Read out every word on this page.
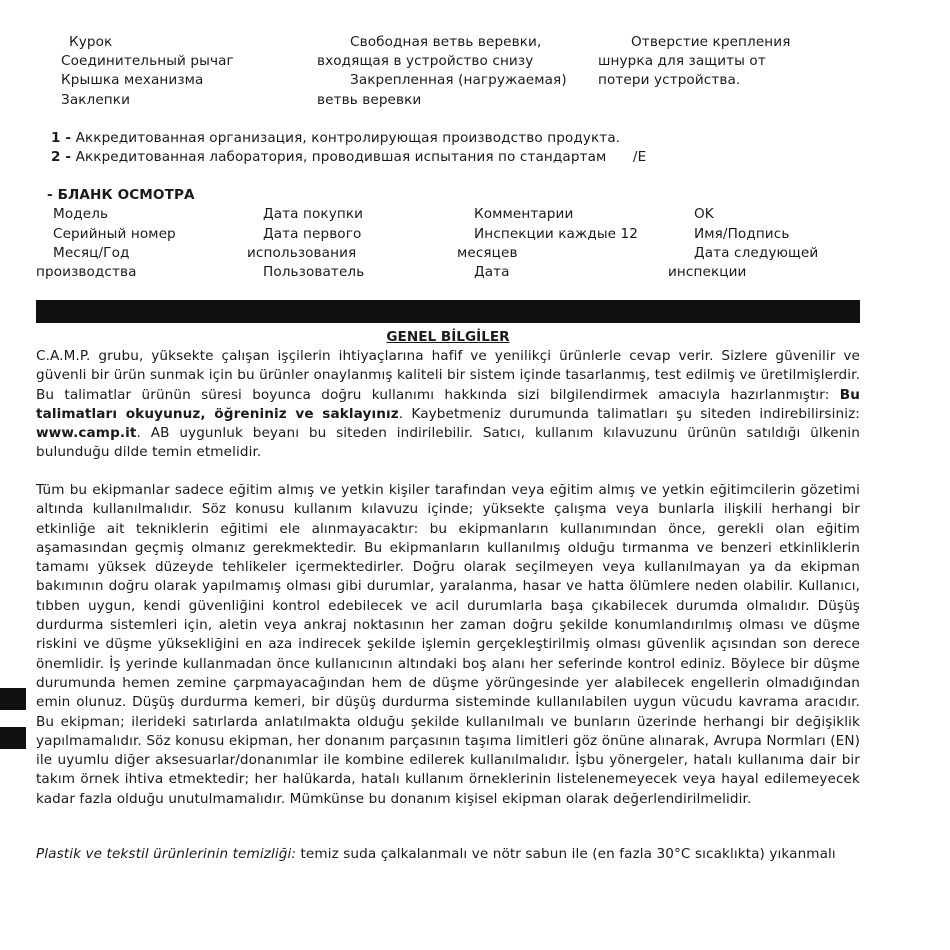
Курок
Соединительный рычаг
Крышка механизма
Заклепки
Свободная ветвь веревки,
входящая в устройство снизу
Закрепленная (нагружаемая)
ветвь веревки
Отверстие крепления
шнурка для защиты от
потери устройства.
1 - Аккредитованная организация, контролирующая производство продукта.
2 - Аккредитованная лаборатория, проводившая испытания по стандартам      /Е
- БЛАНК ОСМОТРА
Модель
Серийный номер
Месяц/Год
производства
Дата покупки
Дата первого
использования
Пользователь
Комментарии
Инспекции каждые 12
месяцев
Дата
OK
Имя/Подпись
Дата следующей
инспекции
GENEL BİLGİLER
C.A.M.P. grubu, yüksekte çalışan işçilerin ihtiyaçlarına hafif ve yenilikçi ürünlerle cevap verir. Sizlere güvenilir ve güvenli bir ürün sunmak için bu ürünler onaylanmış kaliteli bir sistem içinde tasarlanmış, test edilmiş ve üretilmişlerdir. Bu talimatlar ürünün süresi boyunca doğru kullanımı hakkında sizi bilgilendirmek amacıyla hazırlanmıştır: Bu talimatları okuyunuz, öğreniniz ve saklayınız. Kaybetmeniz durumunda talimatları şu siteden indirebilirsiniz: www.camp.it. AB uygunluk beyanı bu siteden indirilebilir. Satıcı, kullanım kılavuzunu ürünün satıldığı ülkenin bulunduğu dilde temin etmelidir.
Tüm bu ekipmanlar sadece eğitim almış ve yetkin kişiler tarafından veya eğitim almış ve yetkin eğitimcilerin gözetimi altında kullanılmalıdır. Söz konusu kullanım kılavuzu içinde; yüksekte çalışma veya bunlarla ilişkili herhangi bir etkinliğe ait tekniklerin eğitimi ele alınmayacaktır: bu ekipmanların kullanımından önce, gerekli olan eğitim aşamasından geçmiş olmanız gerekmektedir. Bu ekipmanların kullanılmış olduğu tırmanma ve benzeri etkinliklerin tamamı yüksek düzeyde tehlikeler içermektedirler. Doğru olarak seçilmeyen veya kullanılmayan ya da ekipman bakımının doğru olarak yapılmamış olması gibi durumlar, yaralanma, hasar ve hatta ölümlere neden olabilir. Kullanıcı, tıbben uygun, kendi güvenliğini kontrol edebilecek ve acil durumlarla başa çıkabilecek durumda olmalıdır. Düşüş durdurma sistemleri için, aletin veya ankraj noktasının her zaman doğru şekilde konumlandırılmış olması ve düşme riskini ve düşme yüksekliğini en aza indirecek şekilde işlemin gerçekleştirilmiş olması güvenlik açısından son derece önemlidir. İş yerinde kullanmadan önce kullanıcının altındaki boş alanı her seferinde kontrol ediniz. Böylece bir düşme durumunda hemen zemine çarpmayacağından hem de düşme yörüngesinde yer alabilecek engellerin olmadığından emin olunuz. Düşüş durdurma kemeri, bir düşüş durdurma sisteminde kullanılabilen uygun vücudu kavrama aracıdır. Bu ekipman; ilerideki satırlarda anlatılmakta olduğu şekilde kullanılmalı ve bunların üzerinde herhangi bir değişiklik yapılmamalıdır. Söz konusu ekipman, her donanım parçasının taşıma limitleri göz önüne alınarak, Avrupa Normları (EN) ile uyumlu diğer aksesuarlar/donanımlar ile kombine edilerek kullanılmalıdır. İşbu yönergeler, hatalı kullanıma dair bir takım örnek ihtiva etmektedir; her halükarda, hatalı kullanım örneklerinin listelenemeyecek veya hayal edilemeyecek kadar fazla olduğu unutulmamalıdır. Mümkünse bu donanım kişisel ekipman olarak değerlendirilmelidir.
Plastik ve tekstil ürünlerinin temizliği: temiz suda çalkalanmalı ve nötr sabun ile (en fazla 30°C sıcaklıkta) yıkanmalı
